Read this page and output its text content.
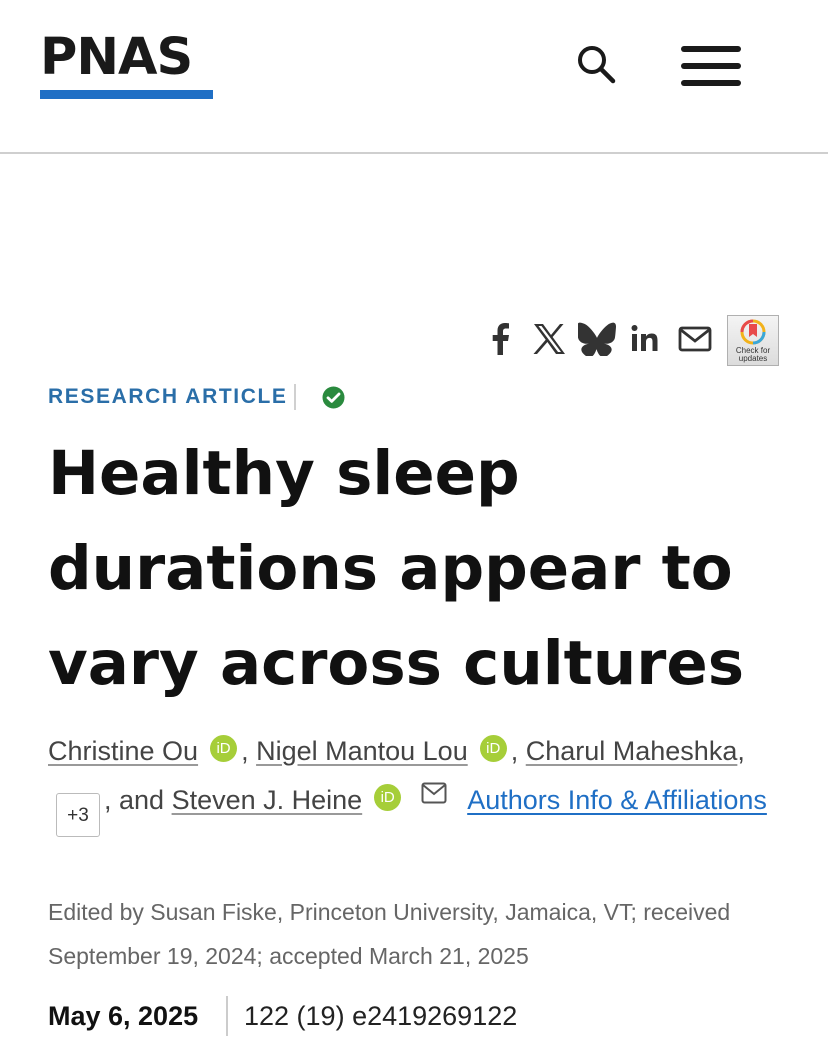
PNAS
Check for updates
RESEARCH ARTICLE
Healthy sleep durations appear to vary across cultures
Christine Ou iD , Nigel Mantou Lou iD , Charul Maheshka,+3, and Steven J. Heine iD	Authors Info & Affiliations
Edited by Susan Fiske, Princeton University, Jamaica, VT; received September 19, 2024; accepted March 21, 2025
May 6, 2025 122 (19) e2419269122
